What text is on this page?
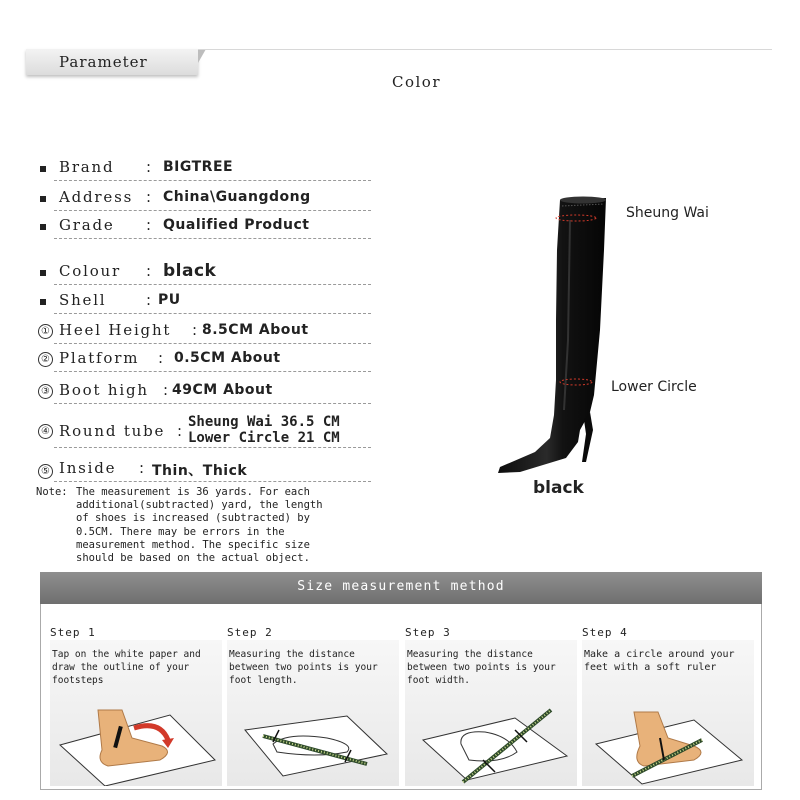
Parameter
Color
Brand : BIGTREE
Address : China\Guangdong
Grade : Qualified Product
Colour : black
Shell	: PU
① Heel Height : 8.5CM About
② Platform : 0.5CM About
③ Boot high : 49CM About
④ Round tube : Sheung Wai 36.5 CM
Lower Circle 21 CM
⑤ Inside : Thin、Thick
Note: The measurement is 36 yards. For each
additional(subtracted) yard, the length
of shoes is increased (subtracted) by
0.5CM. There may be errors in the
measurement method. The specific size
should be based on the actual object.
Sheung Wai
Lower Circle
black
Size measurement method
Step 1
Tap on the white paper and draw the outline of your footsteps
Step 2
Measuring the distance between two points is your foot length.
Step 3
Measuring the distance between two points is your foot width.
Step 4
Make a circle around your feet with a soft ruler
